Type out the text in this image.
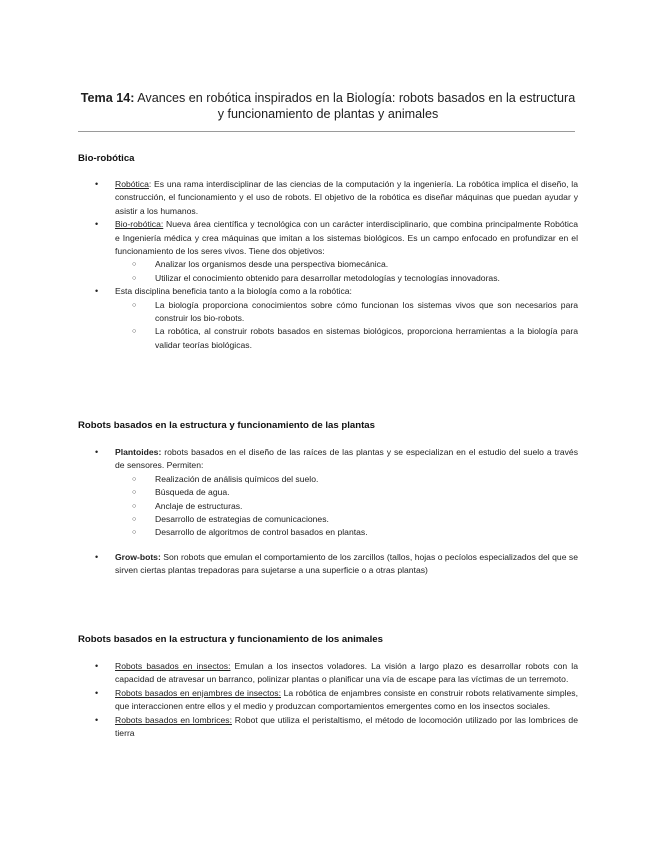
Tema 14: Avances en robótica inspirados en la Biología: robots basados en la estructura y funcionamiento de plantas y animales
Bio-robótica
• Robótica: Es una rama interdisciplinar de las ciencias de la computación y la ingeniería. La robótica implica el diseño, la construcción, el funcionamiento y el uso de robots. El objetivo de la robótica es diseñar máquinas que puedan ayudar y asistir a los humanos.
• Bio-robótica: Nueva área científica y tecnológica con un carácter interdisciplinario, que combina principalmente Robótica e Ingeniería médica y crea máquinas que imitan a los sistemas biológicos. Es un campo enfocado en profundizar en el funcionamiento de los seres vivos. Tiene dos objetivos:
○ Analizar los organismos desde una perspectiva biomecánica.
○ Utilizar el conocimiento obtenido para desarrollar metodologías y tecnologías innovadoras.
• Esta disciplina beneficia tanto a la biología como a la robótica:
○ La biología proporciona conocimientos sobre cómo funcionan los sistemas vivos que son necesarios para construir los bio-robots.
○ La robótica, al construir robots basados en sistemas biológicos, proporciona herramientas a la biología para validar teorías biológicas.
Robots basados en la estructura y funcionamiento de las plantas
• Plantoides: robots basados en el diseño de las raíces de las plantas y se especializan en el estudio del suelo a través de sensores. Permiten:
○ Realización de análisis químicos del suelo.
○ Búsqueda de agua.
○ Anclaje de estructuras.
○ Desarrollo de estrategias de comunicaciones.
○ Desarrollo de algoritmos de control basados en plantas.
• Grow-bots: Son robots que emulan el comportamiento de los zarcillos (tallos, hojas o pecíolos especializados del que se sirven ciertas plantas trepadoras para sujetarse a una superficie o a otras plantas)
Robots basados en la estructura y funcionamiento de los animales
• Robots basados en insectos: Emulan a los insectos voladores. La visión a largo plazo es desarrollar robots con la capacidad de atravesar un barranco, polinizar plantas o planificar una vía de escape para las víctimas de un terremoto.
• Robots basados en enjambres de insectos: La robótica de enjambres consiste en construir robots relativamente simples, que interaccionen entre ellos y el medio y produzcan comportamientos emergentes como en los insectos sociales.
• Robots basados en lombrices: Robot que utiliza el peristaltismo, el método de locomoción utilizado por las lombrices de tierra
